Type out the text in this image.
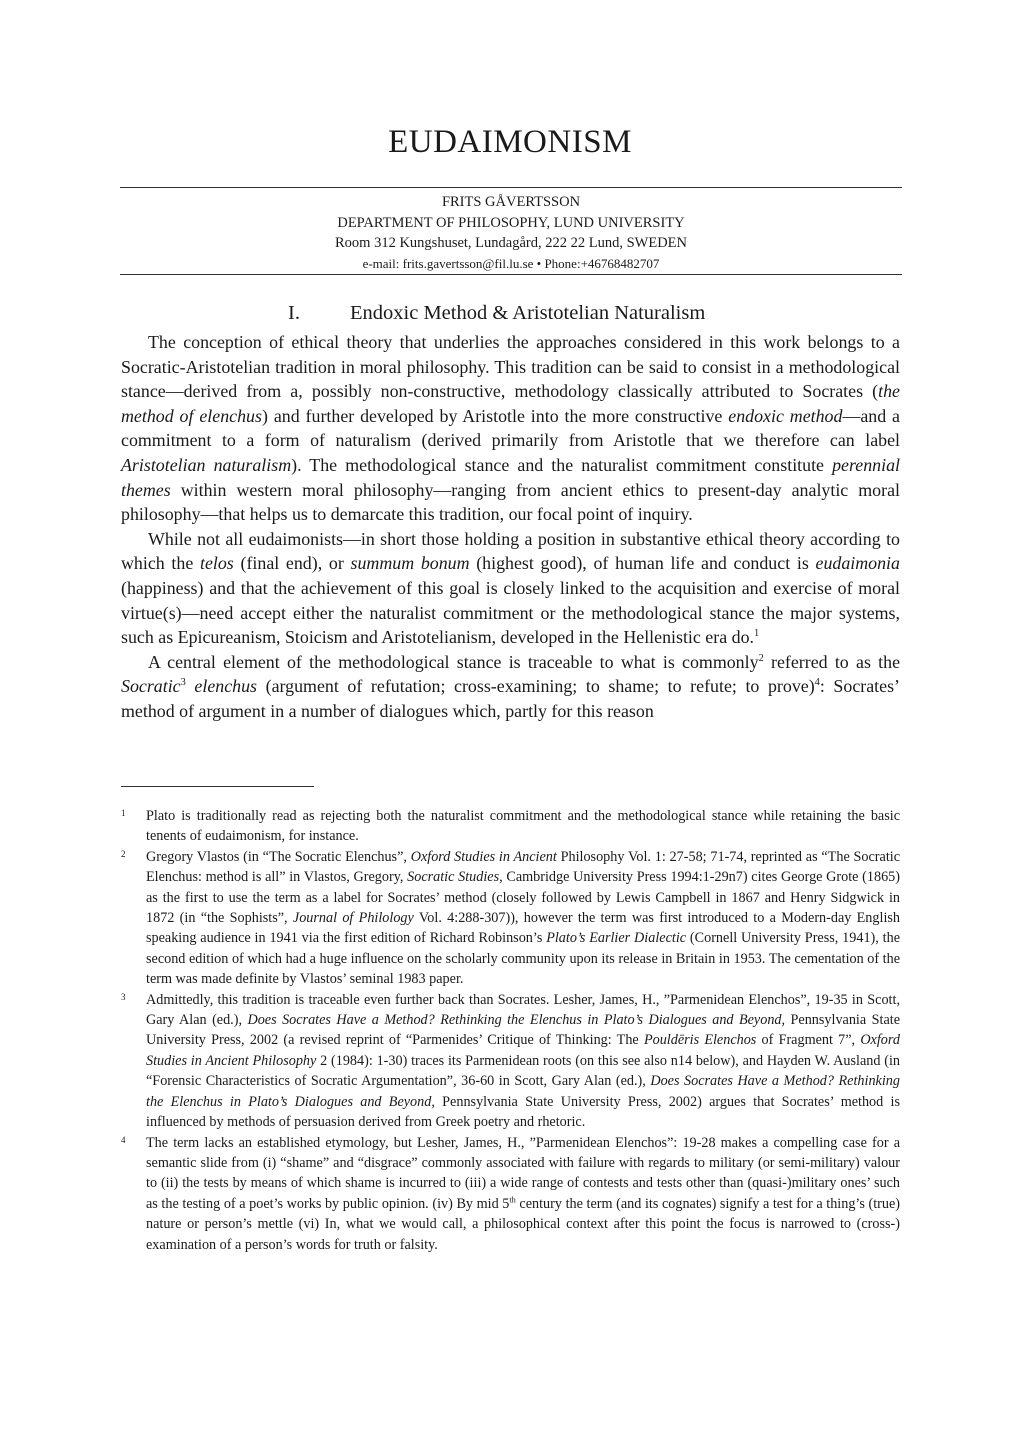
EUDAIMONISM
FRITS GÅVERTSSON
DEPARTMENT OF PHILOSOPHY, LUND UNIVERSITY
Room 312 Kungshuset, Lundagård, 222 22 Lund, SWEDEN
e-mail: frits.gavertsson@fil.lu.se • Phone:+46768482707
I. Endoxic Method & Aristotelian Naturalism

The conception of ethical theory that underlies the approaches considered in this work belongs to a Socratic-Aristotelian tradition in moral philosophy. This tradition can be said to consist in a methodological stance—derived from a, possibly non-constructive, methodology classically attributed to Socrates (the method of elenchus) and further developed by Aristotle into the more constructive endoxic method—and a commitment to a form of naturalism (derived primarily from Aristotle that we therefore can label Aristotelian naturalism). The methodological stance and the naturalist commitment constitute perennial themes within western moral philosophy—ranging from ancient ethics to present-day analytic moral philosophy—that helps us to demarcate this tradition, our focal point of inquiry.

While not all eudaimonists—in short those holding a position in substantive ethical theory according to which the telos (final end), or summum bonum (highest good), of human life and conduct is eudaimonia (happiness) and that the achievement of this goal is closely linked to the acquisition and exercise of moral virtue(s)—need accept either the naturalist commitment or the methodological stance the major systems, such as Epicureanism, Stoicism and Aristotelianism, developed in the Hellenistic era do.$^1$

A central element of the methodological stance is traceable to what is commonly$^2$ referred to as the Socratic$^3$ elenchus (argument of refutation; cross-examining; to shame; to refute; to prove)$^4$: Socrates’ method of argument in a number of dialogues which, partly for this reason

1 Plato is traditionally read as rejecting both the naturalist commitment and the methodological stance while retaining the basic tenents of eudaimonism, for instance.

2 Gregory Vlastos (in “The Socratic Elenchus”, Oxford Studies in Ancient Philosophy Vol. 1: 27-58; 71-74, reprinted as “The Socratic Elenchus: method is all” in Vlastos, Gregory, Socratic Studies, Cambridge University Press 1994:1-29n7) cites George Grote (1865) as the first to use the term as a label for Socrates’ method (closely followed by Lewis Campbell in 1867 and Henry Sidgwick in 1872 (in “the Sophists”, Journal of Philology Vol. 4:288-307)), however the term was first introduced to a Modern-day English speaking audience in 1941 via the first edition of Richard Robinson’s Plato’s Earlier Dialectic (Cornell University Press, 1941), the second edition of which had a huge influence on the scholarly community upon its release in Britain in 1953. The cementation of the term was made definite by Vlastos’ seminal 1983 paper.

3 Admittedly, this tradition is traceable even further back than Socrates. Lesher, James, H., ”Parmenidean Elenchos”, 19-35 in Scott, Gary Alan (ed.), Does Socrates Have a Method? Rethinking the Elenchus in Plato’s Dialogues and Beyond, Pennsylvania State University Press, 2002 (a revised reprint of “Parmenides’ Critique of Thinking: The Pouldēris Elenchos of Fragment 7”, Oxford Studies in Ancient Philosophy 2 (1984): 1-30) traces its Parmenidean roots (on this see also n14 below), and Hayden W. Ausland (in “Forensic Characteristics of Socratic Argumentation”, 36-60 in Scott, Gary Alan (ed.), Does Socrates Have a Method? Rethinking the Elenchus in Plato’s Dialogues and Beyond, Pennsylvania State University Press, 2002) argues that Socrates’ method is influenced by methods of persuasion derived from Greek poetry and rhetoric.

4 The term lacks an established etymology, but Lesher, James, H., ”Parmenidean Elenchos”: 19-28 makes a compelling case for a semantic slide from (i) “shame” and “disgrace” commonly associated with failure with regards to military (or semi-military) valour to (ii) the tests by means of which shame is incurred to (iii) a wide range of contests and tests other than (quasi-)military ones’ such as the testing of a poet’s works by public opinion. (iv) By mid 5th century the term (and its cognates) signify a test for a thing’s (true) nature or person’s mettle (vi) In, what we would call, a philosophical context after this point the focus is narrowed to (cross-) examination of a person’s words for truth or falsity.
